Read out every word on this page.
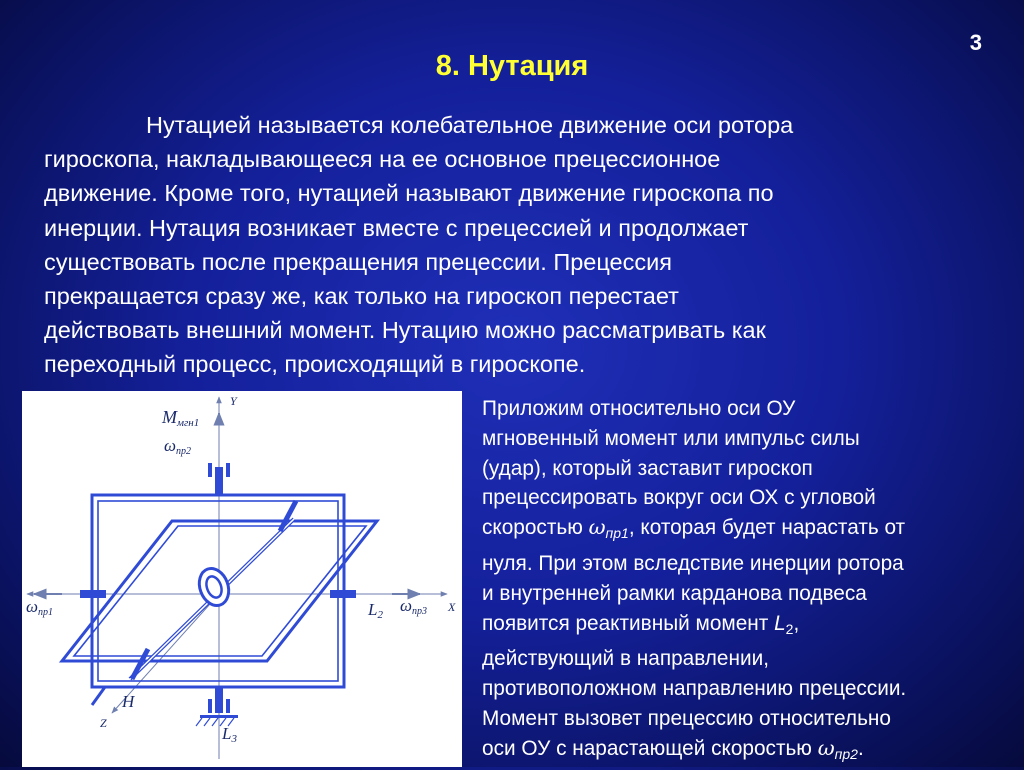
3
8. Нутация
Нутацией называется колебательное движение оси ротора
гироскопа, накладывающееся на ее основное прецессионное
движение. Кроме того, нутацией называют движение гироскопа по
инерции. Нутация возникает вместе с прецессией и продолжает
существовать после прекращения прецессии. Прецессия
прекращается сразу же, как только на гироскоп перестает
действовать внешний момент. Нутацию можно рассматривать как
переходный процесс, происходящий в гироскопе.
Ммгн1
Y
ωпр2
ωпр1	L2 ωпр3 X
H
Z
L3
Приложим относительно оси ОУ
мгновенный момент или импульс силы
(удар), который заставит гироскоп
прецессировать вокруг оси ОХ с угловой
скоростью $\omega_{пр1}$, которая будет нарастать от
нуля. При этом вследствие инерции ротора
и внутренней рамки карданова подвеса
появится реактивный момент L2,
действующий в направлении,
противоположном направлению прецессии.
Момент вызовет прецессию относительно
оси ОУ с нарастающей скоростью $\omega_{пр2}$.
